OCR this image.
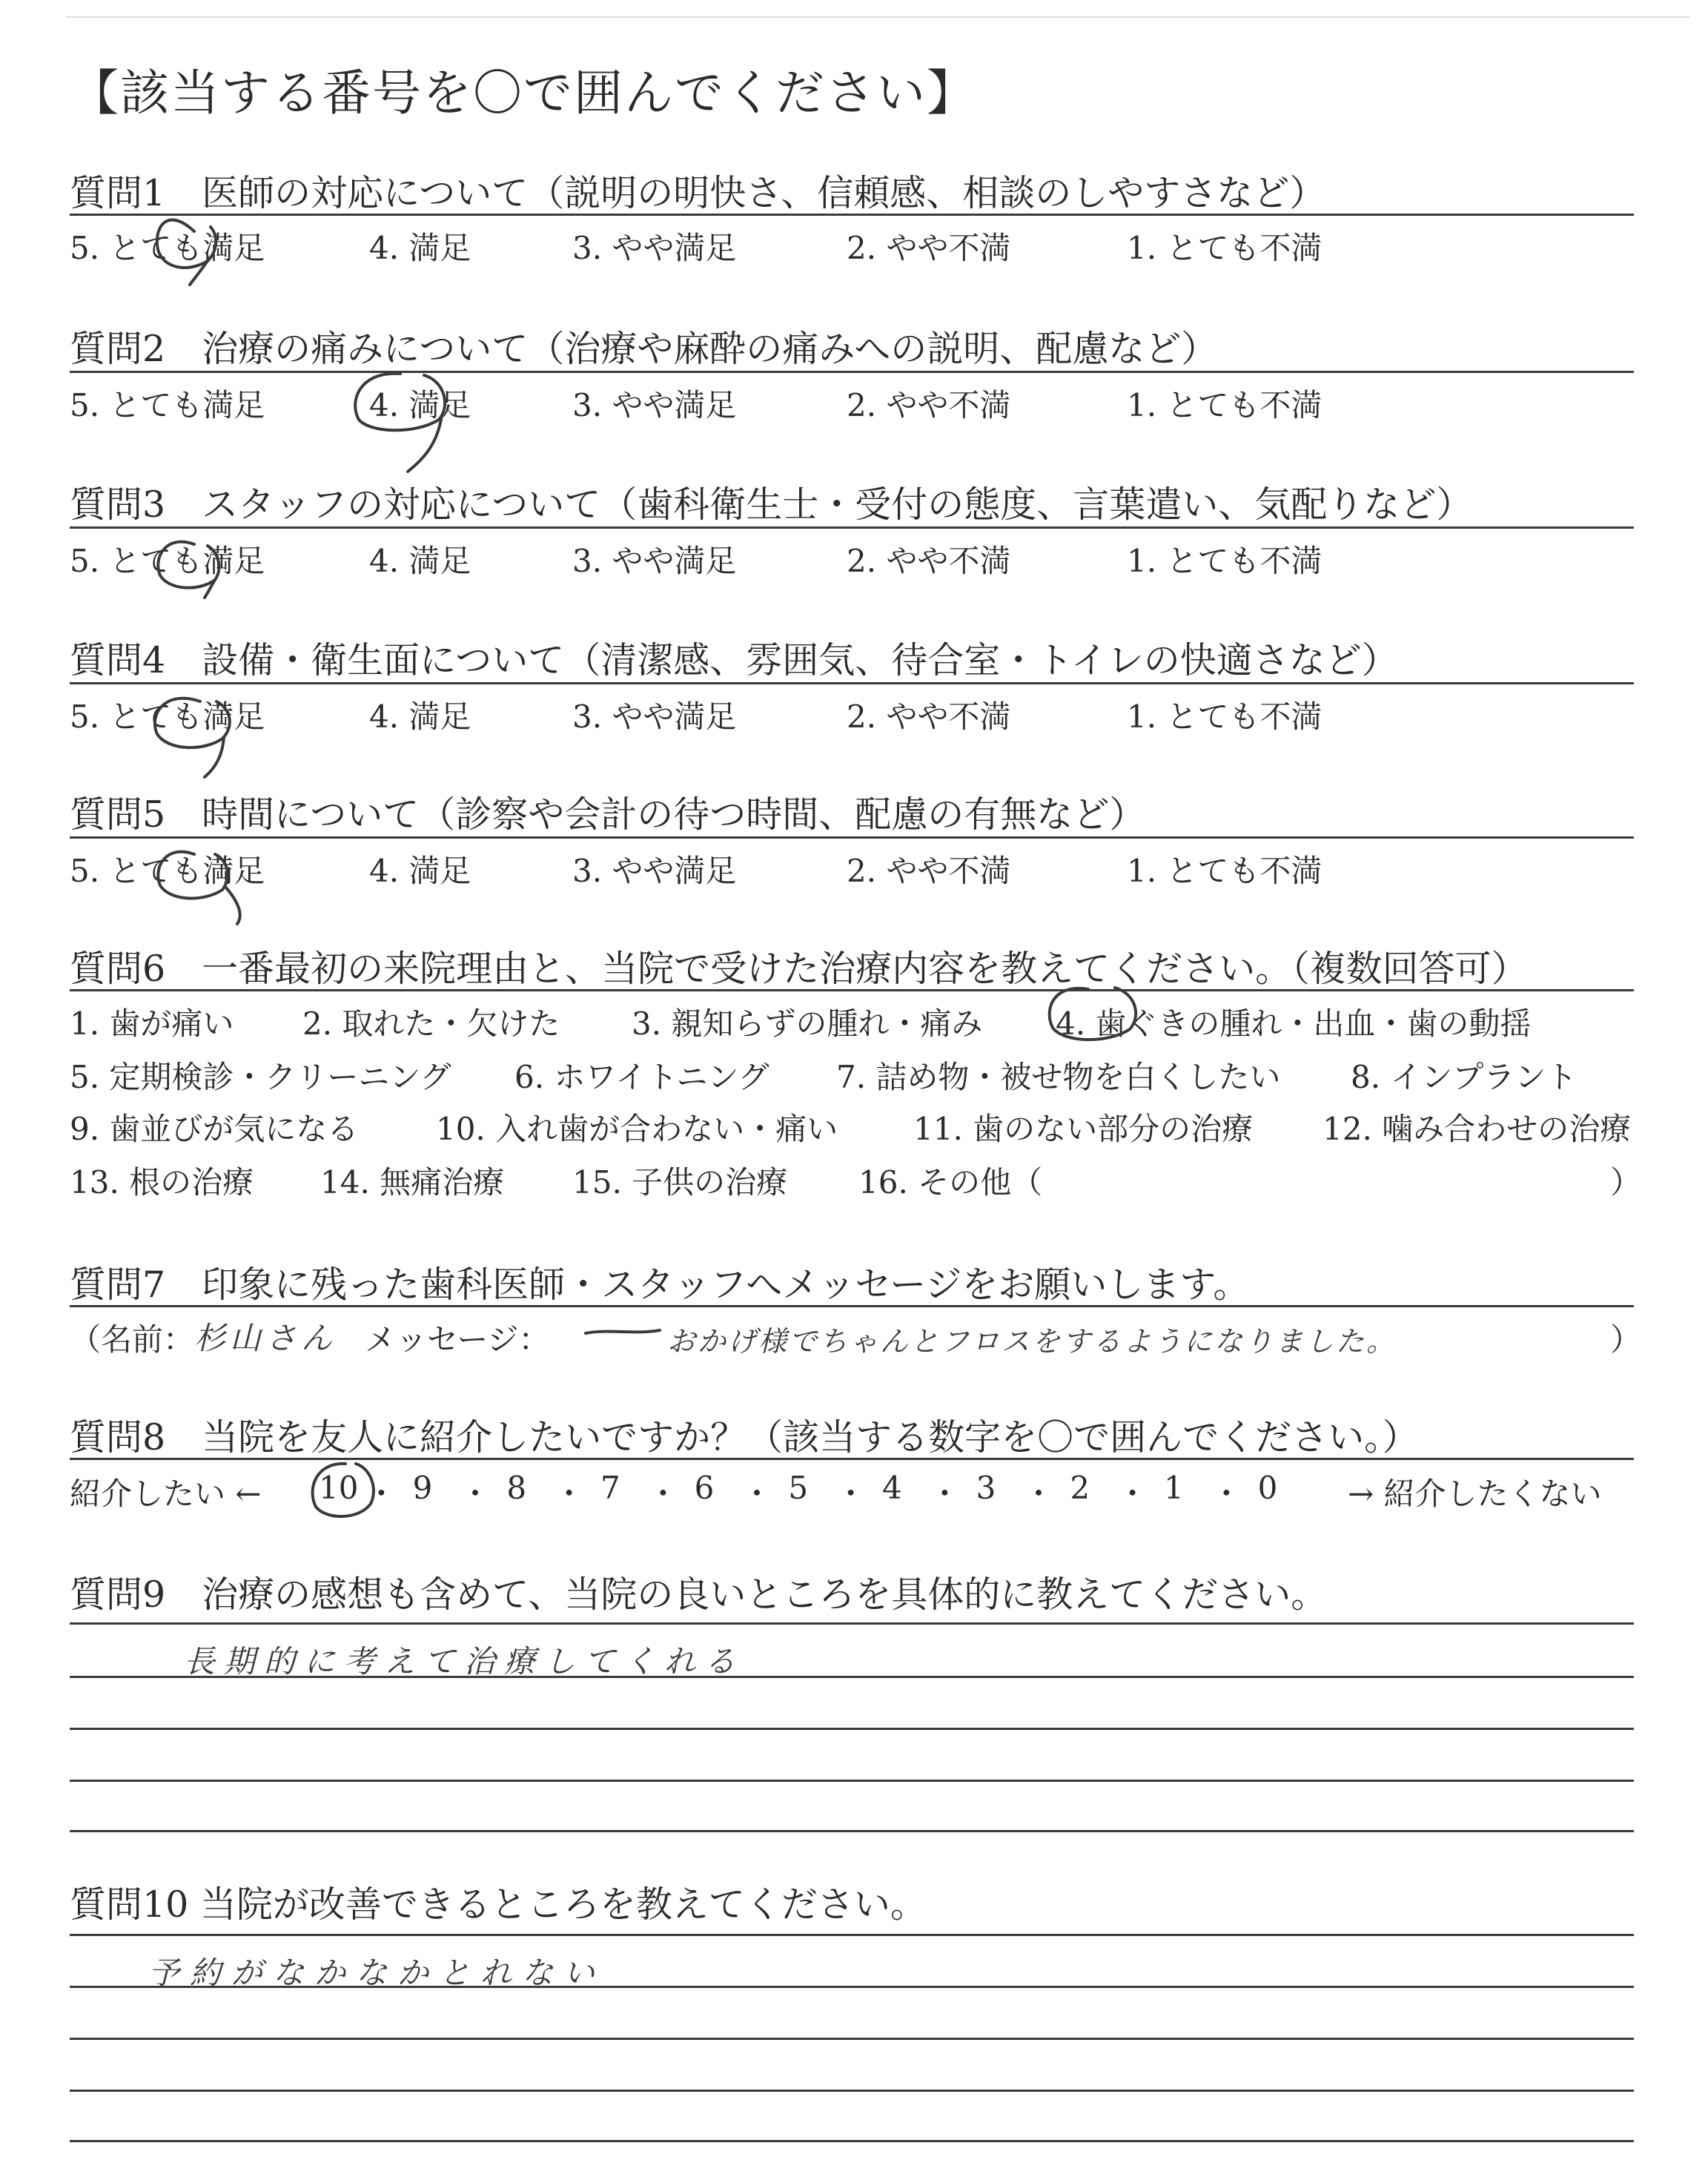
【該当する番号を〇で囲んでください】
質問1　医師の対応について（説明の明快さ、信頼感、相談のしやすさなど）
5. とても満足	4. 満足	3. やや満足	2. やや不満	1. とても不満
質問2　治療の痛みについて（治療や麻酔の痛みへの説明、配慮など）
5. とても満足	4. 満足	3. やや満足	2. やや不満	1. とても不満
質問3　スタッフの対応について（歯科衛生士・受付の態度、言葉遣い、気配りなど）
5. とても満足	4. 満足	3. やや満足	2. やや不満	1. とても不満
質問4　設備・衛生面について（清潔感、雰囲気、待合室・トイレの快適さなど）
5. とても満足	4. 満足	3. やや満足	2. やや不満	1. とても不満
質問5　時間について（診察や会計の待つ時間、配慮の有無など）
5. とても満足	4. 満足	3. やや満足	2. やや不満	1. とても不満
質問6　一番最初の来院理由と、当院で受けた治療内容を教えてください。（複数回答可）
1. 歯が痛い 2. 取れた・欠けた 3. 親知らずの腫れ・痛み 4. 歯ぐきの腫れ・出血・歯の動揺
5. 定期検診・クリーニング 6. ホワイトニング 7. 詰め物・被せ物を白くしたい 8. インプラント
9. 歯並びが気になる 10. 入れ歯が合わない・痛い 11. 歯のない部分の治療 12. 噛み合わせの治療
13. 根の治療 14. 無痛治療 15. 子供の治療 16. その他（	）
質問7　印象に残った歯科医師・スタッフへメッセージをお願いします。
（名前： 杉山さん メッセージ：	おかげ様でちゃんとフロスをするようになりました。	）
質問8　当院を友人に紹介したいですか？（該当する数字を〇で囲んでください。）
紹介したい ← 10 ・ 9 ・ 8 ・ 7 ・ 6 ・ 5 ・ 4 ・ 3 ・ 2 ・ 1 ・ 0 → 紹介したくない
質問9　治療の感想も含めて、当院の良いところを具体的に教えてください。
長期的に考えて治療してくれる
質問10 当院が改善できるところを教えてください。
予約がなかなかとれない
